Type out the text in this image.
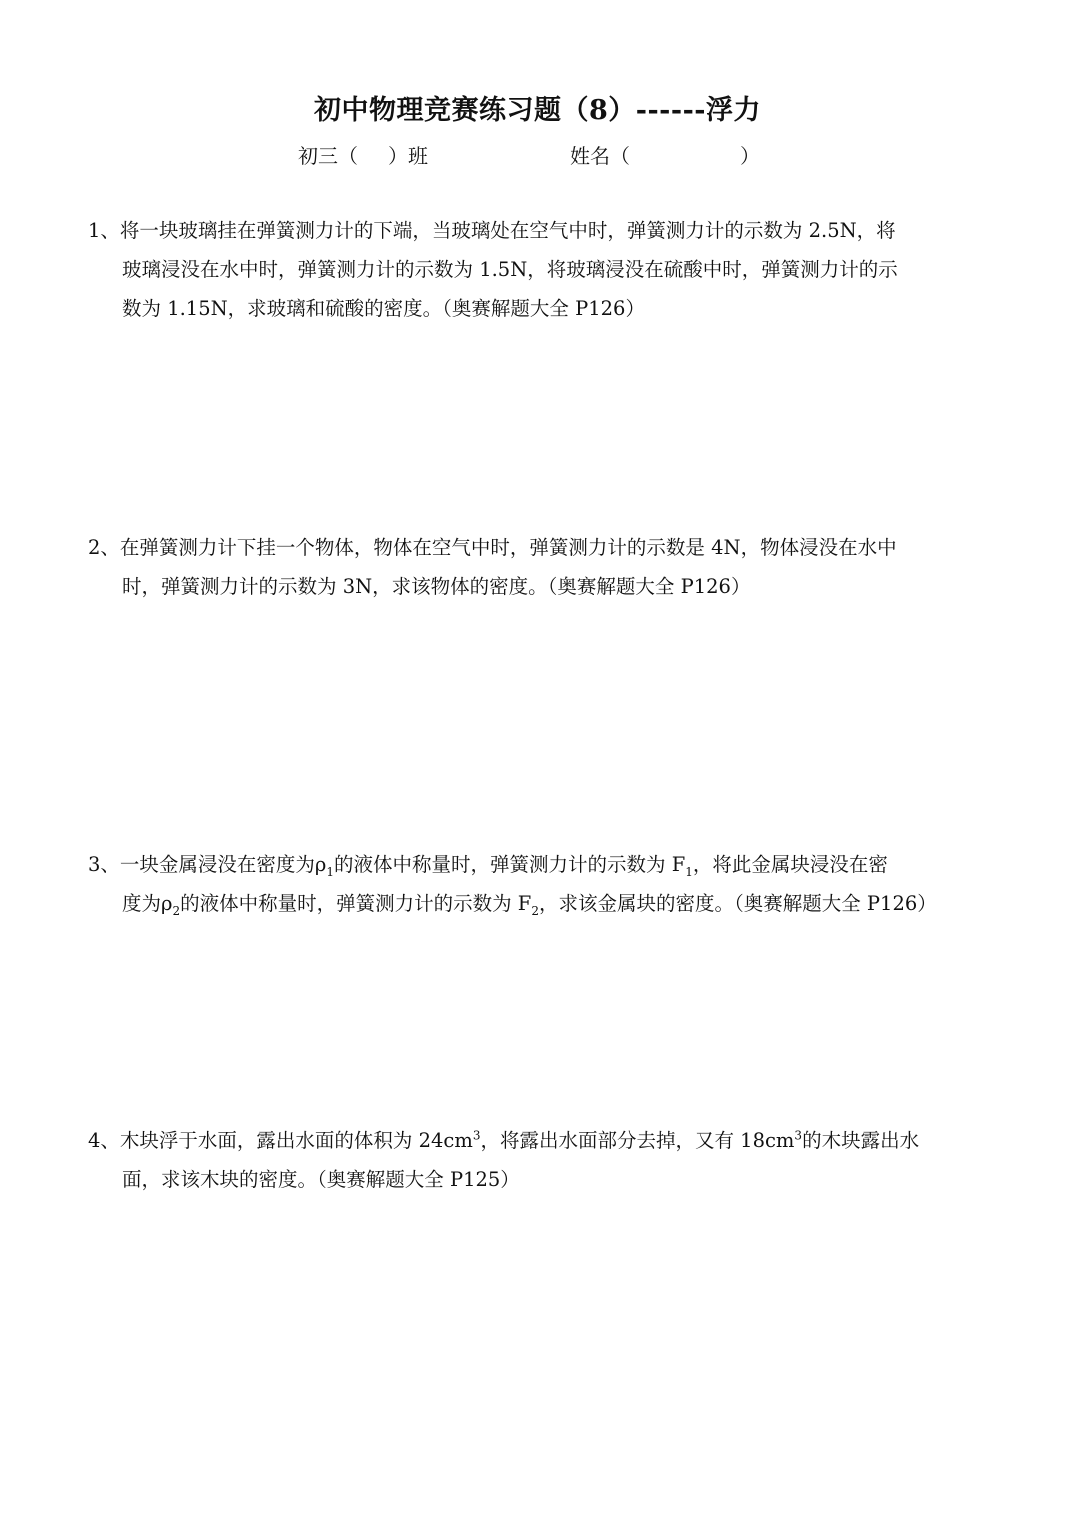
初中物理竞赛练习题（8）------浮力
初三（ ）班	姓名（	）
1、将一块玻璃挂在弹簧测力计的下端，当玻璃处在空气中时，弹簧测力计的示数为 2.5N，将
玻璃浸没在水中时，弹簧测力计的示数为 1.5N，将玻璃浸没在硫酸中时，弹簧测力计的示
数为 1.15N，求玻璃和硫酸的密度。（奥赛解题大全 P126）
2、在弹簧测力计下挂一个物体，物体在空气中时，弹簧测力计的示数是 4N，物体浸没在水中
时，弹簧测力计的示数为 3N，求该物体的密度。（奥赛解题大全 P126）
3、一块金属浸没在密度为$\rho_1$的液体中称量时，弹簧测力计的示数为 $F_1$，将此金属块浸没在密
度为$\rho_2$的液体中称量时，弹簧测力计的示数为 $F_2$，求该金属块的密度。（奥赛解题大全 P126）
4、木块浮于水面，露出水面的体积为 $24cm^3$，将露出水面部分去掉，又有 $18cm^3$的木块露出水
面，求该木块的密度。（奥赛解题大全 P125）
